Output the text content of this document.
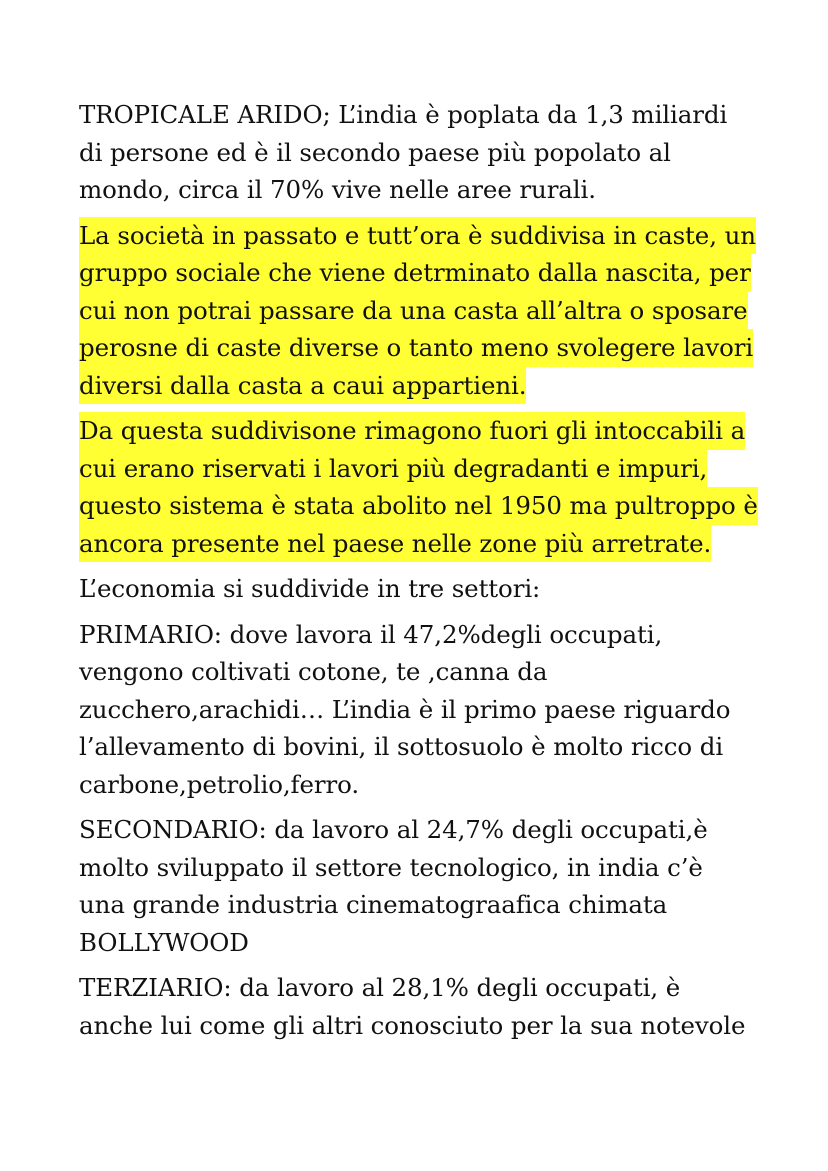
TROPICALE ARIDO; L’india è poplata da 1,3 miliardi
di persone ed è il secondo paese più popolato al
mondo, circa il 70% vive nelle aree rurali.

La società in passato e tutt’ora è suddivisa in caste, un
gruppo sociale che viene detrminato dalla nascita, per
cui non potrai passare da una casta all’altra o sposare
perosne di caste diverse o tanto meno svolegere lavori
diversi dalla casta a caui appartieni.

Da questa suddivisone rimagono fuori gli intoccabili a
cui erano riservati i lavori più degradanti e impuri,
questo sistema è stata abolito nel 1950 ma pultroppo è
ancora presente nel paese nelle zone più arretrate.

L’economia si suddivide in tre settori:

PRIMARIO: dove lavora il 47,2%degli occupati,
vengono coltivati cotone, te ,canna da
zucchero,arachidi… L’india è il primo paese riguardo
l’allevamento di bovini, il sottosuolo è molto ricco di
carbone,petrolio,ferro.

SECONDARIO: da lavoro al 24,7% degli occupati,è
molto sviluppato il settore tecnologico, in india c’è
una grande industria cinematograafica chimata
BOLLYWOOD

TERZIARIO: da lavoro al 28,1% degli occupati, è
anche lui come gli altri conosciuto per la sua notevole
